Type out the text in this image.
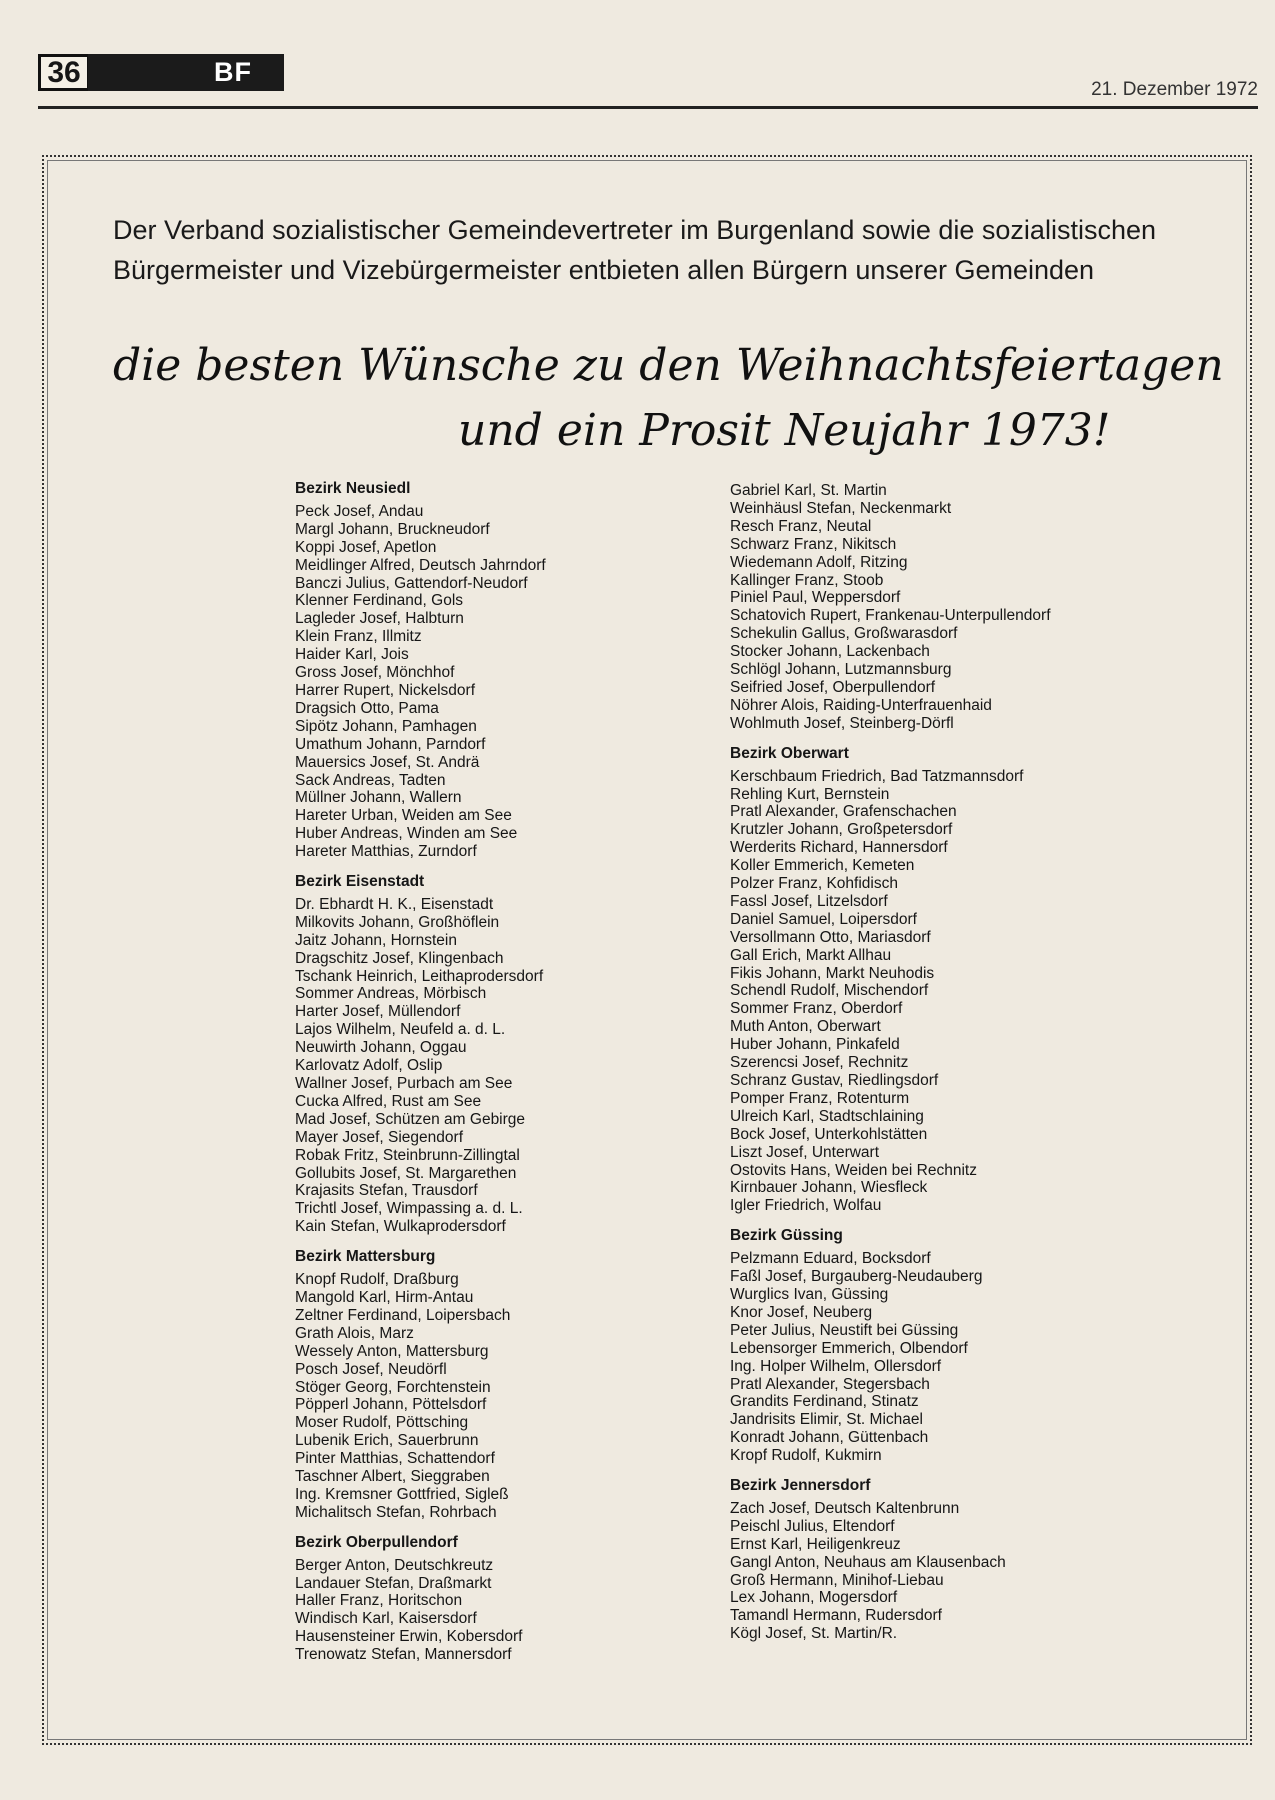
36	BF
21. Dezember 1972
Der Verband sozialistischer Gemeindevertreter im Burgenland sowie die sozialistischen Bürgermeister und Vizebürgermeister entbieten allen Bürgern unserer Gemeinden
die besten Wünsche zu den Weihnachtsfeiertagen
und ein Prosit Neujahr 1973!
Bezirk Neusiedl
Peck Josef, Andau
Margl Johann, Bruckneudorf
Koppi Josef, Apetlon
Meidlinger Alfred, Deutsch Jahrndorf
Banczi Julius, Gattendorf-Neudorf
Klenner Ferdinand, Gols
Lagleder Josef, Halbturn
Klein Franz, Illmitz
Haider Karl, Jois
Gross Josef, Mönchhof
Harrer Rupert, Nickelsdorf
Dragsich Otto, Pama
Sipötz Johann, Pamhagen
Umathum Johann, Parndorf
Mauersics Josef, St. Andrä
Sack Andreas, Tadten
Müllner Johann, Wallern
Hareter Urban, Weiden am See
Huber Andreas, Winden am See
Hareter Matthias, Zurndorf
Bezirk Eisenstadt
Dr. Ebhardt H. K., Eisenstadt
Milkovits Johann, Großhöflein
Jaitz Johann, Hornstein
Dragschitz Josef, Klingenbach
Tschank Heinrich, Leithaprodersdorf
Sommer Andreas, Mörbisch
Harter Josef, Müllendorf
Lajos Wilhelm, Neufeld a. d. L.
Neuwirth Johann, Oggau
Karlovatz Adolf, Oslip
Wallner Josef, Purbach am See
Cucka Alfred, Rust am See
Mad Josef, Schützen am Gebirge
Mayer Josef, Siegendorf
Robak Fritz, Steinbrunn-Zillingtal
Gollubits Josef, St. Margarethen
Krajasits Stefan, Trausdorf
Trichtl Josef, Wimpassing a. d. L.
Kain Stefan, Wulkaprodersdorf
Bezirk Mattersburg
Knopf Rudolf, Draßburg
Mangold Karl, Hirm-Antau
Zeltner Ferdinand, Loipersbach
Grath Alois, Marz
Wessely Anton, Mattersburg
Posch Josef, Neudörfl
Stöger Georg, Forchtenstein
Pöpperl Johann, Pöttelsdorf
Moser Rudolf, Pöttsching
Lubenik Erich, Sauerbrunn
Pinter Matthias, Schattendorf
Taschner Albert, Sieggraben
Ing. Kremsner Gottfried, Sigleß
Michalitsch Stefan, Rohrbach
Bezirk Oberpullendorf
Berger Anton, Deutschkreutz
Landauer Stefan, Draßmarkt
Haller Franz, Horitschon
Windisch Karl, Kaisersdorf
Hausensteiner Erwin, Kobersdorf
Trenowatz Stefan, Mannersdorf
Gabriel Karl, St. Martin
Weinhäusl Stefan, Neckenmarkt
Resch Franz, Neutal
Schwarz Franz, Nikitsch
Wiedemann Adolf, Ritzing
Kallinger Franz, Stoob
Piniel Paul, Weppersdorf
Schatovich Rupert, Frankenau-Unterpullendorf
Schekulin Gallus, Großwarasdorf
Stocker Johann, Lackenbach
Schlögl Johann, Lutzmannsburg
Seifried Josef, Oberpullendorf
Nöhrer Alois, Raiding-Unterfrauenhaid
Wohlmuth Josef, Steinberg-Dörfl
Bezirk Oberwart
Kerschbaum Friedrich, Bad Tatzmannsdorf
Rehling Kurt, Bernstein
Pratl Alexander, Grafenschachen
Krutzler Johann, Großpetersdorf
Werderits Richard, Hannersdorf
Koller Emmerich, Kemeten
Polzer Franz, Kohfidisch
Fassl Josef, Litzelsdorf
Daniel Samuel, Loipersdorf
Versollmann Otto, Mariasdorf
Gall Erich, Markt Allhau
Fikis Johann, Markt Neuhodis
Schendl Rudolf, Mischendorf
Sommer Franz, Oberdorf
Muth Anton, Oberwart
Huber Johann, Pinkafeld
Szerencsi Josef, Rechnitz
Schranz Gustav, Riedlingsdorf
Pomper Franz, Rotenturm
Ulreich Karl, Stadtschlaining
Bock Josef, Unterkohlstätten
Liszt Josef, Unterwart
Ostovits Hans, Weiden bei Rechnitz
Kirnbauer Johann, Wiesfleck
Igler Friedrich, Wolfau
Bezirk Güssing
Pelzmann Eduard, Bocksdorf
Faßl Josef, Burgauberg-Neudauberg
Wurglics Ivan, Güssing
Knor Josef, Neuberg
Peter Julius, Neustift bei Güssing
Lebensorger Emmerich, Olbendorf
Ing. Holper Wilhelm, Ollersdorf
Pratl Alexander, Stegersbach
Grandits Ferdinand, Stinatz
Jandrisits Elimir, St. Michael
Konradt Johann, Güttenbach
Kropf Rudolf, Kukmirn
Bezirk Jennersdorf
Zach Josef, Deutsch Kaltenbrunn
Peischl Julius, Eltendorf
Ernst Karl, Heiligenkreuz
Gangl Anton, Neuhaus am Klausenbach
Groß Hermann, Minihof-Liebau
Lex Johann, Mogersdorf
Tamandl Hermann, Rudersdorf
Kögl Josef, St. Martin/R.
